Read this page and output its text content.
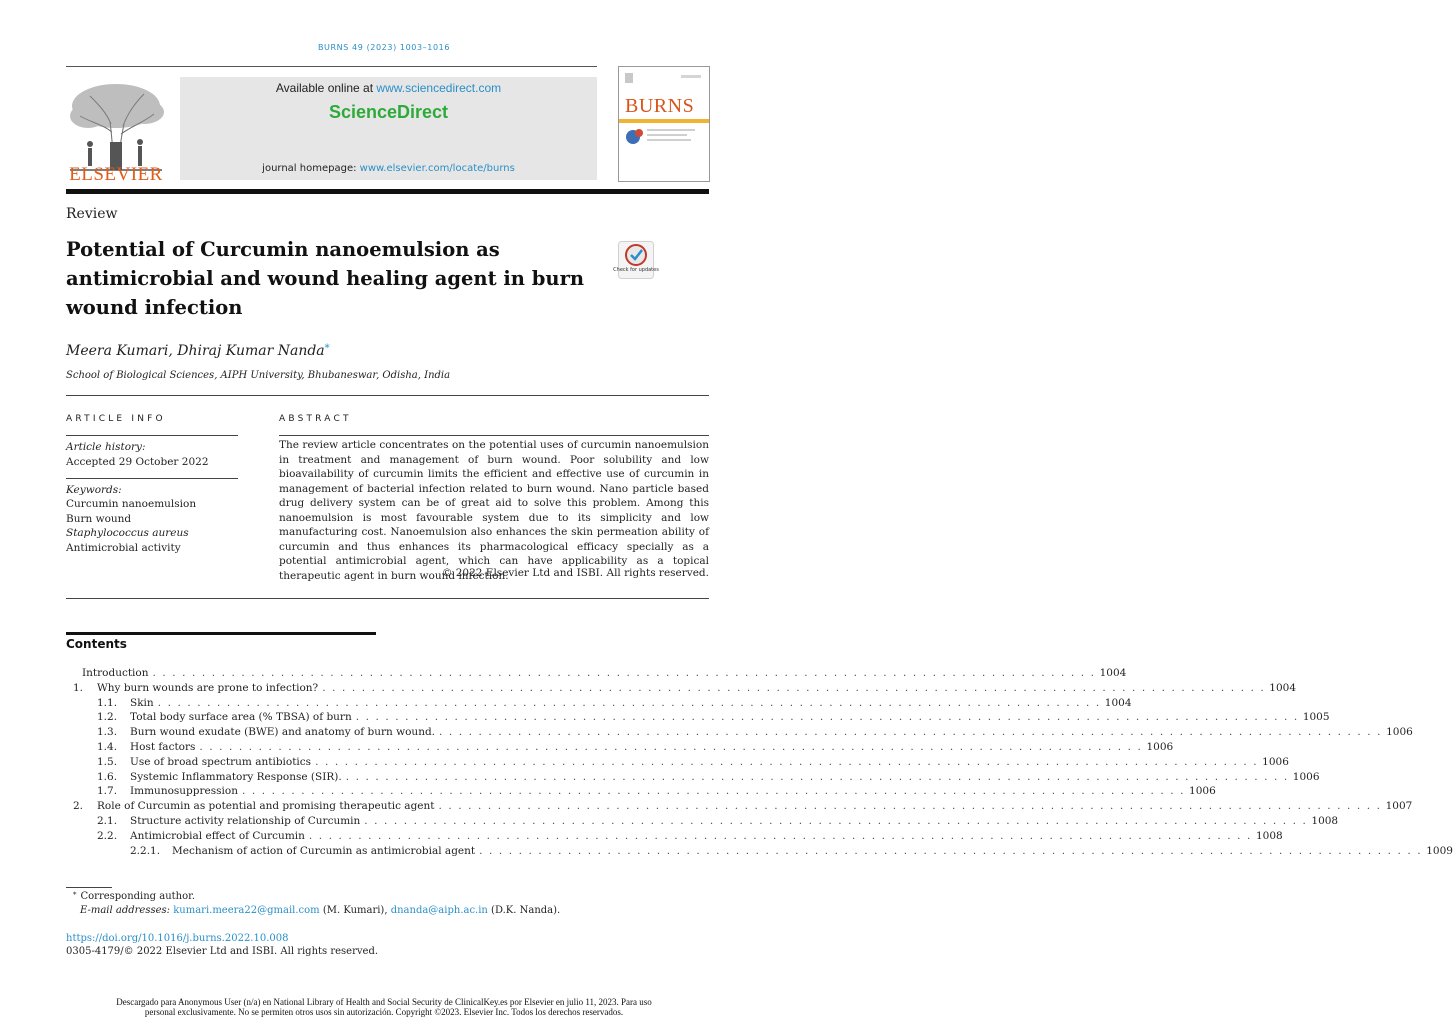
BURNS 49 (2023) 1003–1016
ELSEVIER
Available online at www.sciencedirect.com
ScienceDirect
journal homepage: www.elsevier.com/locate/burns
BURNS
Review
Potential of Curcumin nanoemulsion as antimicrobial and wound healing agent in burn wound infection
Check for updates
Meera Kumari, Dhiraj Kumar Nanda*
School of Biological Sciences, AIPH University, Bhubaneswar, Odisha, India
ARTICLE INFO
Article history:
Accepted 29 October 2022
Keywords:
Curcumin nanoemulsion
Burn wound
Staphylococcus aureus
Antimicrobial activity
ABSTRACT

The review article concentrates on the potential uses of curcumin nanoemulsion in treatment and management of burn wound. Poor solubility and low bioavailability of curcumin limits the efficient and effective use of curcumin in management of bacterial infection related to burn wound. Nano particle based drug delivery system can be of great aid to solve this problem. Among this nanoemulsion is most favourable system due to its simplicity and low manufacturing cost. Nanoemulsion also enhances the skin permeation ability of curcumin and thus enhances its pharmacological efficacy specially as a potential antimicrobial agent, which can have applicability as a topical therapeutic agent in burn wound infection.

© 2022 Elsevier Ltd and ISBI. All rights reserved.
Contents
Introduction . . .	1004
1. Why burn wounds are prone to infection? . . .	1004
1.1.	Skin . . .	1004
1.2.	Total body surface area (% TBSA) of burn . . .	1005
1.3.	Burn wound exudate (BWE) and anatomy of burn wound. . . .	1006
1.4.	Host factors . . .	1006
1.5.	Use of broad spectrum antibiotics . . .	1006
1.6.	Systemic Inflammatory Response (SIR). . . .	1006
1.7.	Immunosuppression . . .	1006
2. Role of Curcumin as potential and promising therapeutic agent . . .	1007
2.1.	Structure activity relationship of Curcumin . . .	1008
2.2.	Antimicrobial effect of Curcumin . . .	1008
2.2.1.	Mechanism of action of Curcumin as antimicrobial agent . . .	1009
* Corresponding author.
E-mail addresses: kumari.meera22@gmail.com (M. Kumari), dnanda@aiph.ac.in (D.K. Nanda).
https://doi.org/10.1016/j.burns.2022.10.008
0305-4179/© 2022 Elsevier Ltd and ISBI. All rights reserved.
Descargado para Anonymous User (n/a) en National Library of Health and Social Security de ClinicalKey.es por Elsevier en julio 11, 2023. Para uso personal exclusivamente. No se permiten otros usos sin autorización. Copyright ©2023. Elsevier Inc. Todos los derechos reservados.
